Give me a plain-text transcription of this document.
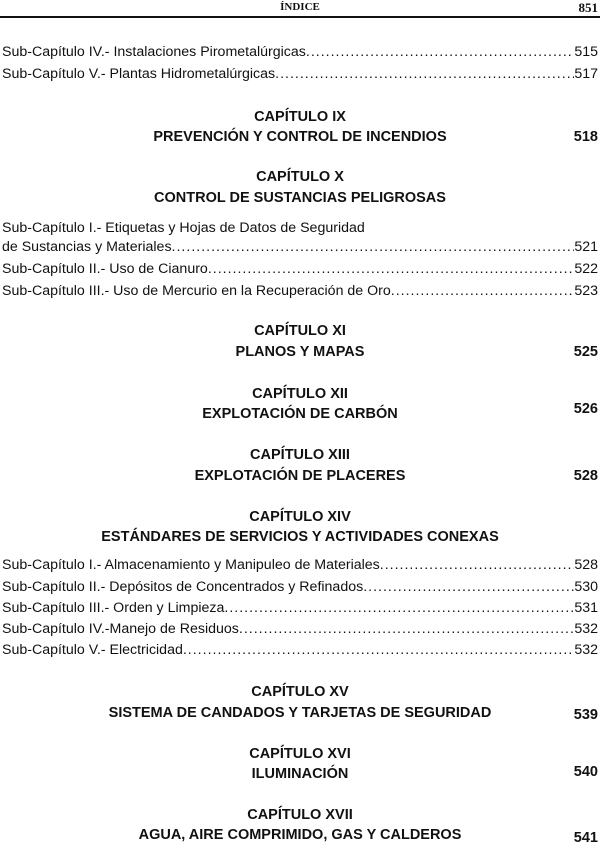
ÍNDICE	851
Sub-Capítulo IV.- Instalaciones Pirometalúrgicas .....	515
Sub-Capítulo V.- Plantas Hidrometalúrgicas .....	517
CAPÍTULO IX
PREVENCIÓN Y CONTROL DE INCENDIOS	518
CAPÍTULO X
CONTROL DE SUSTANCIAS PELIGROSAS
Sub-Capítulo I.- Etiquetas y Hojas de Datos de Seguridad
de Sustancias y Materiales .....	521
Sub-Capítulo II.- Uso de Cianuro .....	522
Sub-Capítulo III.- Uso de Mercurio en la Recuperación de Oro .....	523
CAPÍTULO XI
PLANOS Y MAPAS	525
CAPÍTULO XII
EXPLOTACIÓN DE CARBÓN	526
CAPÍTULO XIII
EXPLOTACIÓN DE PLACERES	528
CAPÍTULO XIV
ESTÁNDARES DE SERVICIOS Y ACTIVIDADES CONEXAS
Sub-Capítulo I.- Almacenamiento y Manipuleo de Materiales .....	528
Sub-Capítulo II.- Depósitos de Concentrados y Refinados .....	530
Sub-Capítulo III.- Orden y Limpieza .....	531
Sub-Capítulo IV.-Manejo de Residuos .....	532
Sub-Capítulo V.- Electricidad .....	532
CAPÍTULO XV
SISTEMA DE CANDADOS Y TARJETAS DE SEGURIDAD	539
CAPÍTULO XVI
ILUMINACIÓN	540
CAPÍTULO XVII
AGUA, AIRE COMPRIMIDO, GAS Y CALDEROS	541
